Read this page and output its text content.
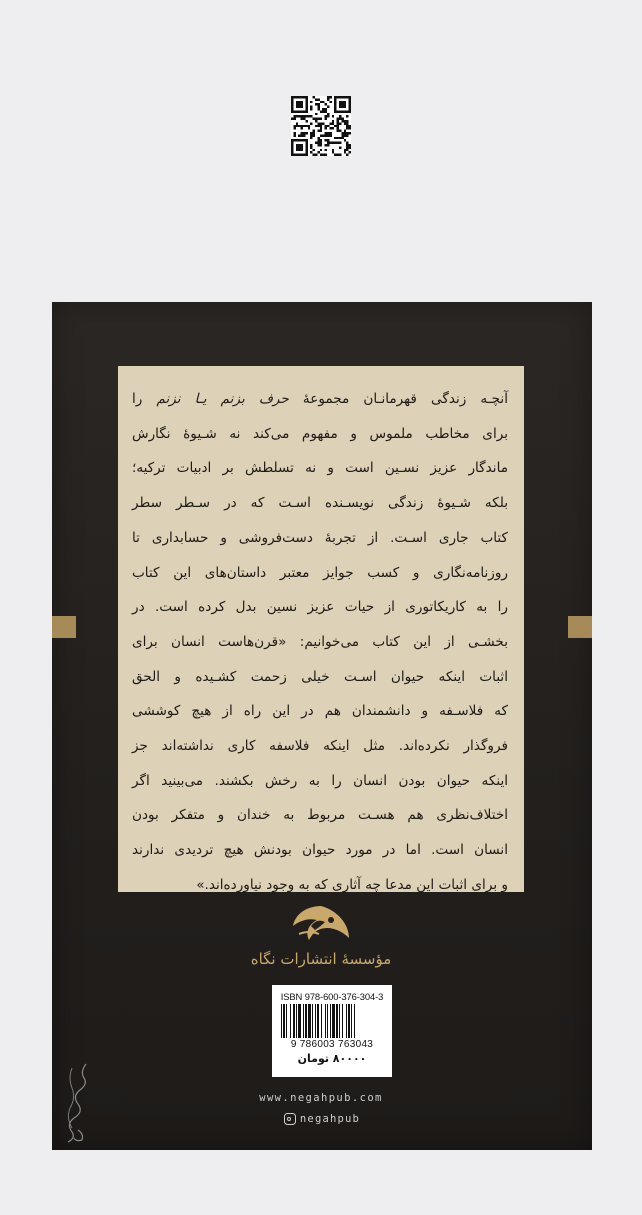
آنچـه زندگی قهرمانـان مجموعهٔ حرف بزنم یـا نزنم را
برای مخاطب ملموس و مفهوم می‌کند نه شـیوهٔ نگارش
ماندگار عزیز نسـین است و نه تسلطش بر ادبیات ترکیه؛
بلکه شـیوهٔ زندگی نویسـنده اسـت که در سـطر سطر
کتاب جاری اسـت. از تجربهٔ دست‌فروشی و حسابداری تا
روزنامه‌نگاری و کسب جوایز معتبر داستان‌های این کتاب
را به کاریکاتوری از حیات عزیز نسین بدل کرده است. در
بخشـی از این کتاب می‌خوانیم: «قرن‌هاست انسان برای
اثبات اینکه حیوان اسـت خیلی زحمت کشـیده و الحق
که فلاسـفه و دانشمندان هم در این راه از هیچ کوششی
فروگذار نکرده‌اند. مثل اینکه فلاسفه کاری نداشته‌اند جز
اینکه حیوان بودن انسان را به رخش بکشند. می‌بینید اگر
اختلاف‌نظری هم هسـت مربوط به خندان و متفکر بودن
انسان است. اما در مورد حیوان بودنش هیچ تردیدی ندارند
و برای اثبات این مدعا چه آثاری که به وجود نیاورده‌اند.»
مؤسسهٔ انتشارات نگاه
ISBN 978-600-376-304-3
9 786003 763043
۸۰۰۰۰ تومان
www.negahpub.com
negahpub
